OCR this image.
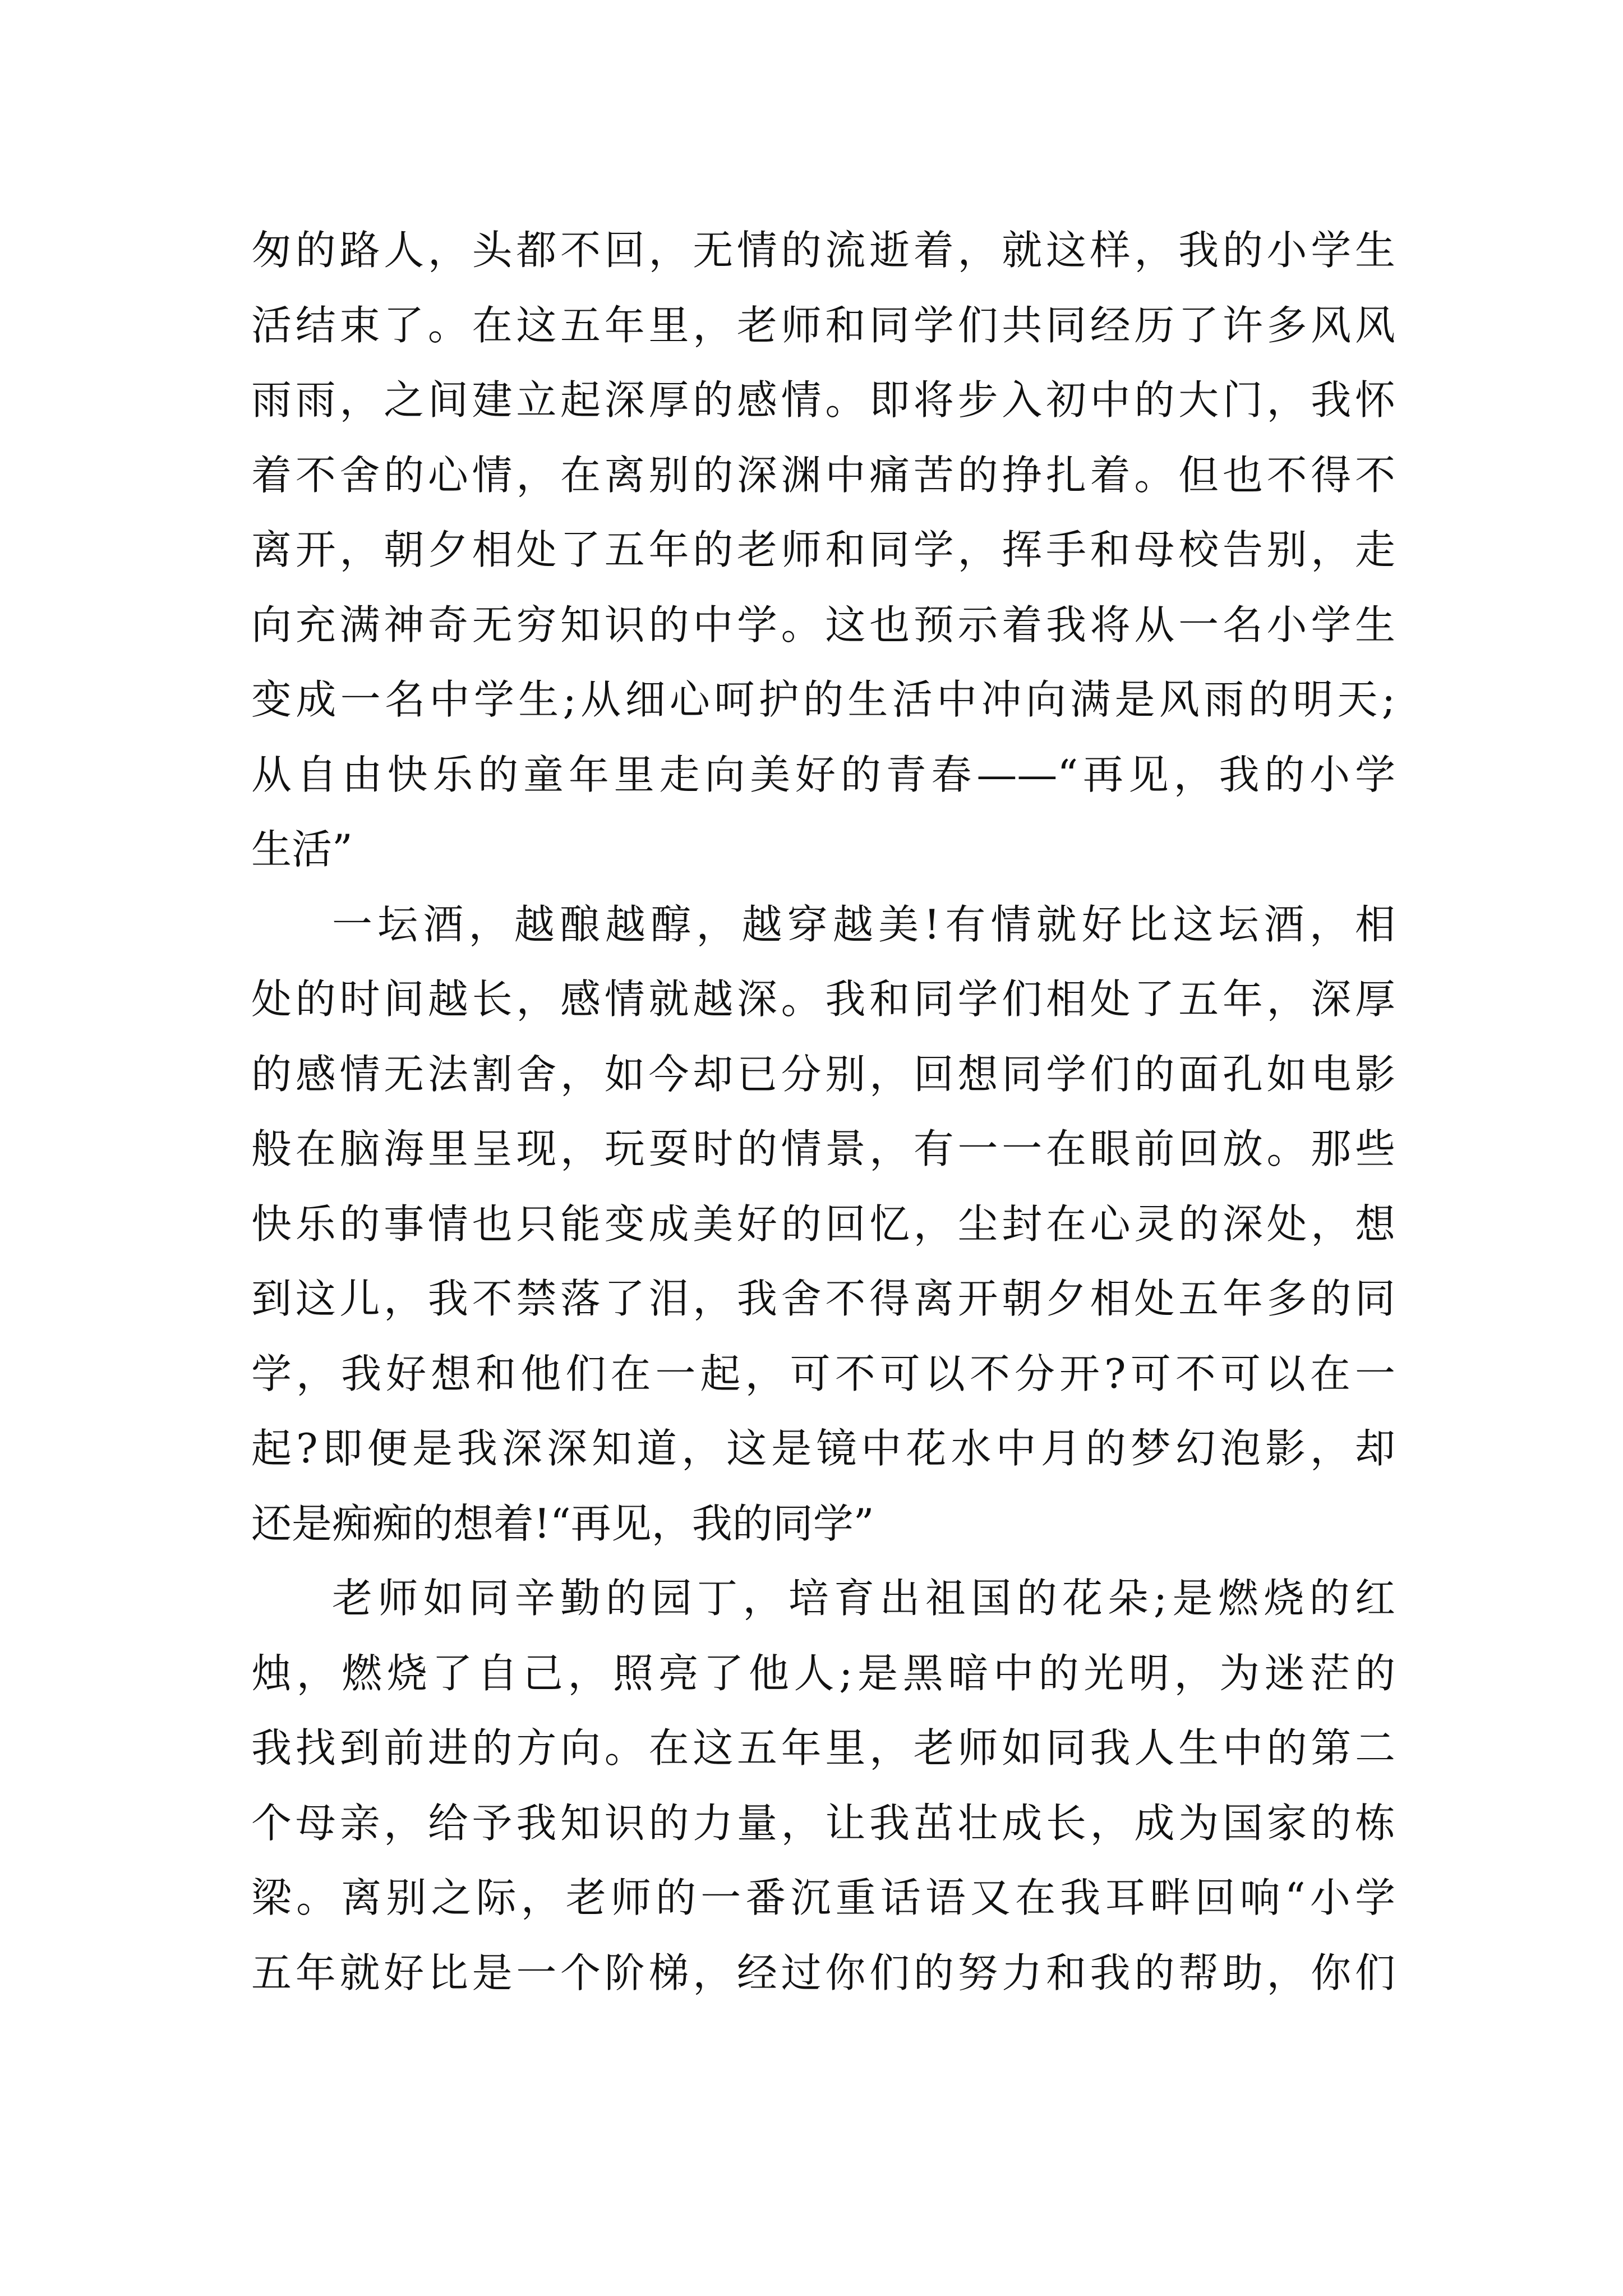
匆的路人，头都不回，无情的流逝着，就这样，我的小学生
活结束了。在这五年里，老师和同学们共同经历了许多风风
雨雨，之间建立起深厚的感情。即将步入初中的大门，我怀
着不舍的心情，在离别的深渊中痛苦的挣扎着。但也不得不
离开，朝夕相处了五年的老师和同学，挥手和母校告别，走
向充满神奇无穷知识的中学。这也预示着我将从一名小学生
变成一名中学生;从细心呵护的生活中冲向满是风雨的明天;
从自由快乐的童年里走向美好的青春——“再见，我的小学
生活”
一坛酒，越酿越醇，越穿越美!有情就好比这坛酒，相
处的时间越长，感情就越深。我和同学们相处了五年，深厚
的感情无法割舍，如今却已分别，回想同学们的面孔如电影
般在脑海里呈现，玩耍时的情景，有一一在眼前回放。那些
快乐的事情也只能变成美好的回忆，尘封在心灵的深处，想
到这儿，我不禁落了泪，我舍不得离开朝夕相处五年多的同
学，我好想和他们在一起，可不可以不分开?可不可以在一
起?即便是我深深知道，这是镜中花水中月的梦幻泡影，却
还是痴痴的想着!“再见，我的同学”
老师如同辛勤的园丁，培育出祖国的花朵;是燃烧的红
烛，燃烧了自己，照亮了他人;是黑暗中的光明，为迷茫的
我找到前进的方向。在这五年里，老师如同我人生中的第二
个母亲，给予我知识的力量，让我茁壮成长，成为国家的栋
梁。离别之际，老师的一番沉重话语又在我耳畔回响“小学
五年就好比是一个阶梯，经过你们的努力和我的帮助，你们
